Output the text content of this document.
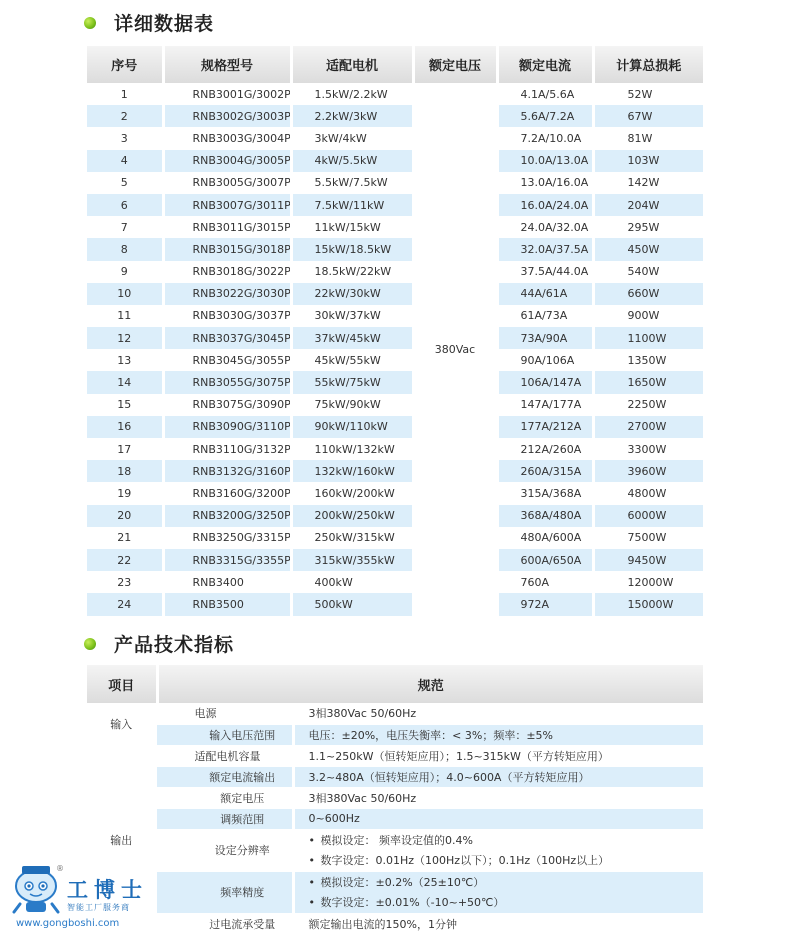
详细数据表
序号	规格型号	适配电机	额定电压	额定电流	计算总损耗
1	RNB3001G/3002P	1.5kW/2.2kW	380Vac	4.1A/5.6A	52W
2	RNB3002G/3003P	2.2kW/3kW		5.6A/7.2A	67W
3	RNB3003G/3004P	3kW/4kW		7.2A/10.0A	81W
4	RNB3004G/3005P	4kW/5.5kW		10.0A/13.0A	103W
5	RNB3005G/3007P	5.5kW/7.5kW		13.0A/16.0A	142W
6	RNB3007G/3011P	7.5kW/11kW		16.0A/24.0A	204W
7	RNB3011G/3015P	11kW/15kW		24.0A/32.0A	295W
8	RNB3015G/3018P	15kW/18.5kW		32.0A/37.5A	450W
9	RNB3018G/3022P	18.5kW/22kW		37.5A/44.0A	540W
10	RNB3022G/3030P	22kW/30kW		44A/61A	660W
11	RNB3030G/3037P	30kW/37kW		61A/73A	900W
12	RNB3037G/3045P	37kW/45kW		73A/90A	1100W
13	RNB3045G/3055P	45kW/55kW		90A/106A	1350W
14	RNB3055G/3075P	55kW/75kW		106A/147A	1650W
15	RNB3075G/3090P	75kW/90kW		147A/177A	2250W
16	RNB3090G/3110P	90kW/110kW		177A/212A	2700W
17	RNB3110G/3132P	110kW/132kW		212A/260A	3300W
18	RNB3132G/3160P	132kW/160kW		260A/315A	3960W
19	RNB3160G/3200P	160kW/200kW		315A/368A	4800W
20	RNB3200G/3250P	200kW/250kW		368A/480A	6000W
21	RNB3250G/3315P	250kW/315kW		480A/600A	7500W
22	RNB3315G/3355P	315kW/355kW		600A/650A	9450W
23	RNB3400	400kW		760A	12000W
24	RNB3500	500kW		972A	15000W
产品技术指标
项目	规范	
输入	电源	3相380Vac 50/60Hz
	输入电压范围	电压：±20%，电压失衡率：< 3%；频率：±5%
输出	适配电机容量	1.1~250kW（恒转矩应用）；1.5~315kW（平方转矩应用）
	额定电流输出	3.2~480A（恒转矩应用）；4.0~600A（平方转矩应用）
	额定电压	3相380Vac 50/60Hz
	调频范围	0~600Hz
	设定分辨率	• 模拟设定： 频率设定值的0.4%
• 数字设定：0.01Hz（100Hz以下）；0.1Hz（100Hz以上）

	频率精度	• 模拟设定：±0.2%（25±10℃）
• 数字设定：±0.01%（-10~+50℃）

	过电流承受量	额定输出电流的150%，1分钟
®
工博士
智能工厂服务商
www.gongboshi.com
